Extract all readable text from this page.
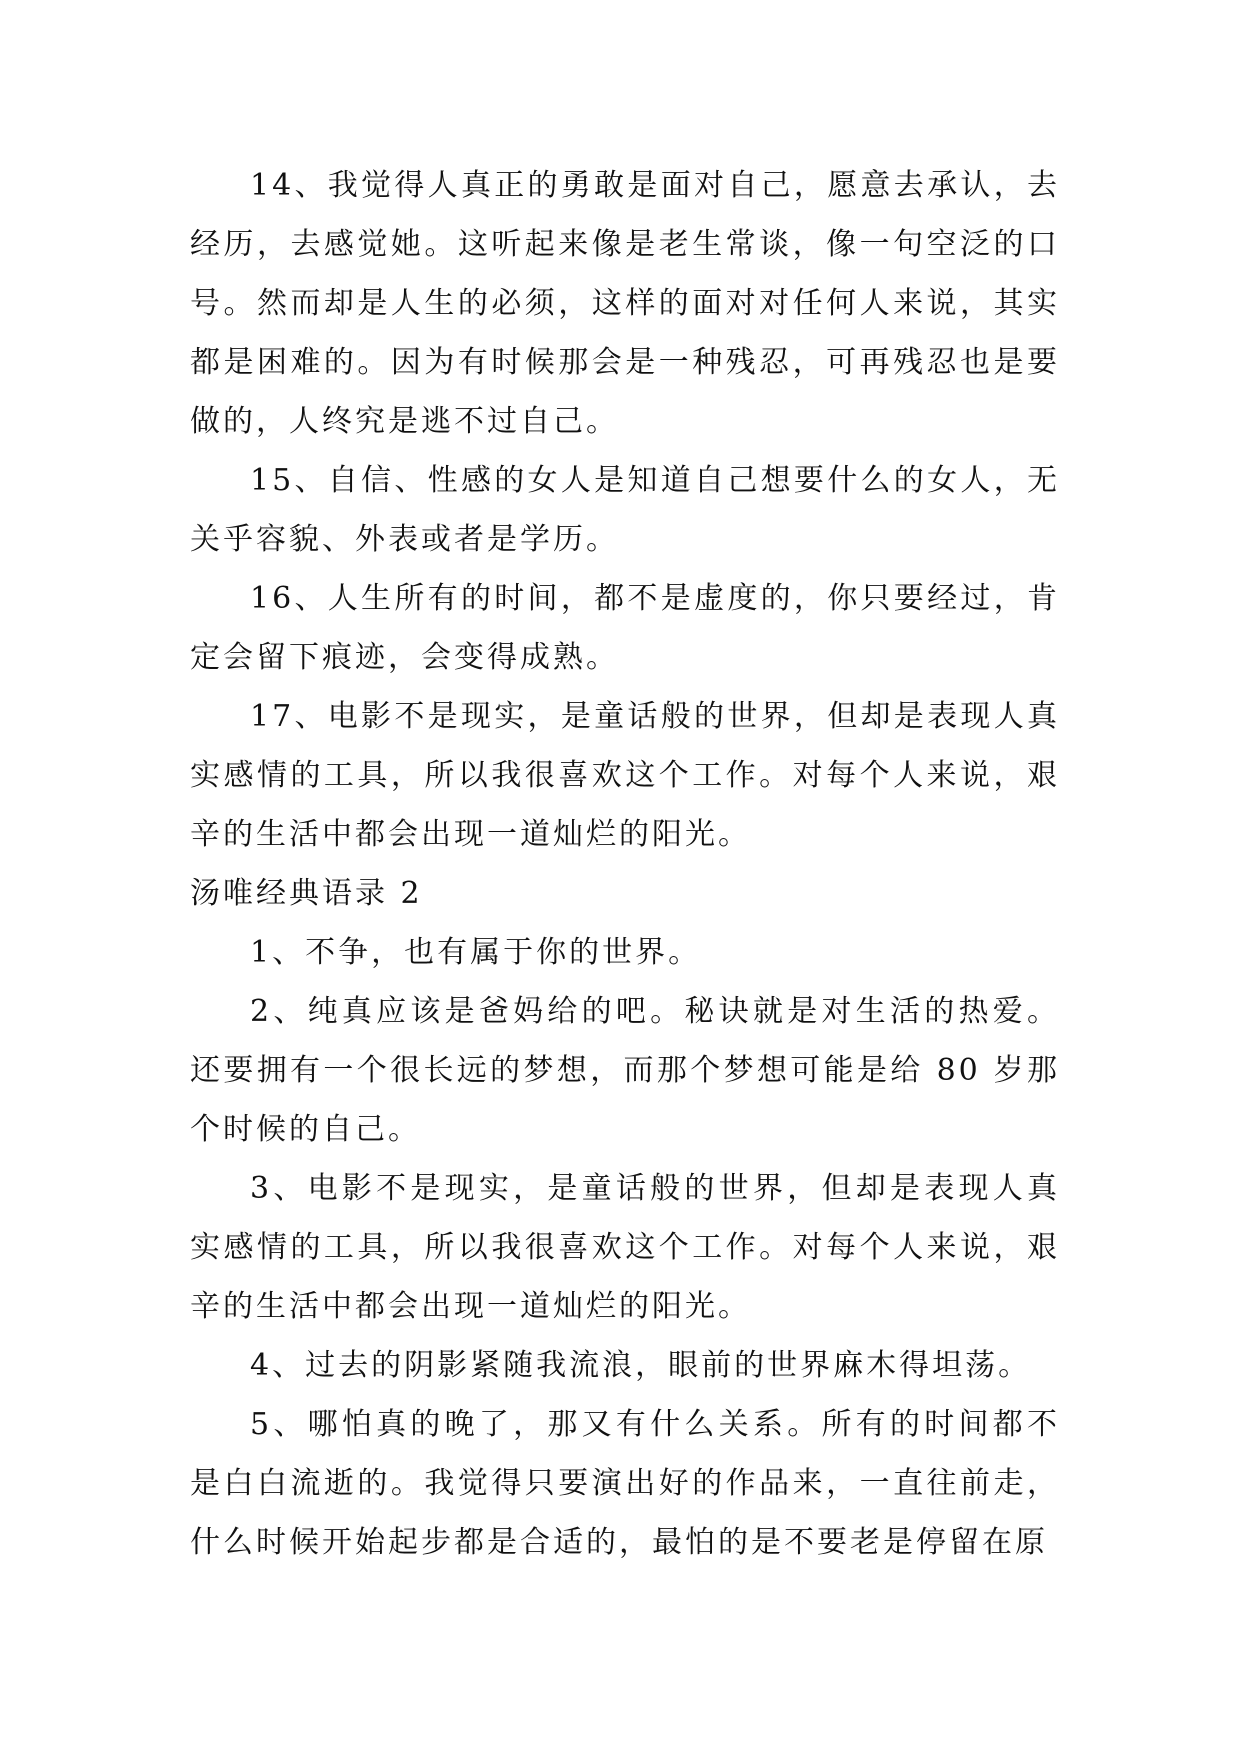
14、我觉得人真正的勇敢是面对自己，愿意去承认，去经历，去感觉她。这听起来像是老生常谈，像一句空泛的口号。然而却是人生的必须，这样的面对对任何人来说，其实都是困难的。因为有时候那会是一种残忍，可再残忍也是要做的，人终究是逃不过自己。

15、自信、性感的女人是知道自己想要什么的女人，无关乎容貌、外表或者是学历。

16、人生所有的时间，都不是虚度的，你只要经过，肯定会留下痕迹，会变得成熟。

17、电影不是现实，是童话般的世界，但却是表现人真实感情的工具，所以我很喜欢这个工作。对每个人来说，艰辛的生活中都会出现一道灿烂的阳光。

汤唯经典语录 2

1、不争，也有属于你的世界。

2、纯真应该是爸妈给的吧。秘诀就是对生活的热爱。还要拥有一个很长远的梦想，而那个梦想可能是给 80 岁那个时候的自己。

3、电影不是现实，是童话般的世界，但却是表现人真实感情的工具，所以我很喜欢这个工作。对每个人来说，艰辛的生活中都会出现一道灿烂的阳光。

4、过去的阴影紧随我流浪，眼前的世界麻木得坦荡。

5、哪怕真的晚了，那又有什么关系。所有的时间都不是白白流逝的。我觉得只要演出好的作品来，一直往前走，什么时候开始起步都是合适的，最怕的是不要老是停留在原
